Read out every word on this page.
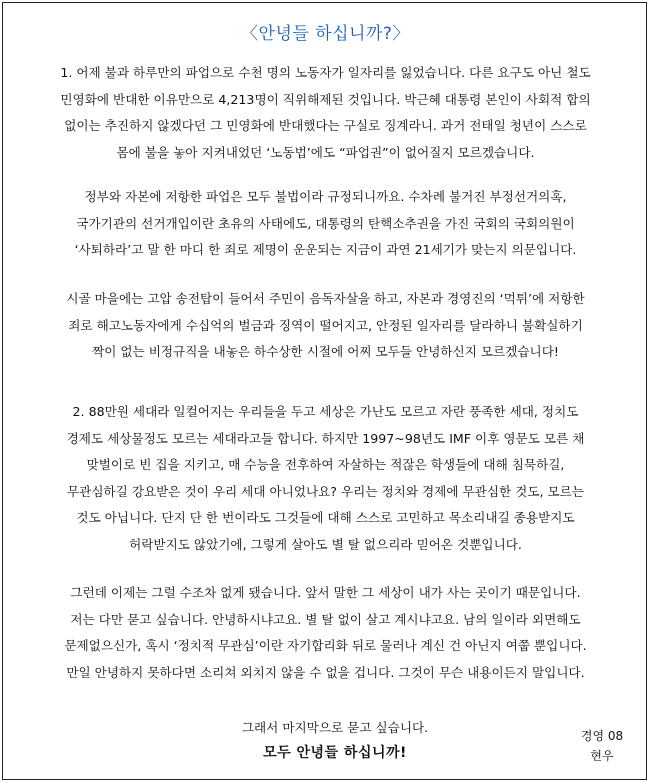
〈안녕들 하십니까?〉
1. 어제 불과 하루만의 파업으로 수천 명의 노동자가 일자리를 잃었습니다. 다른 요구도 아닌 철도
민영화에 반대한 이유만으로 4,213명이 직위해제된 것입니다. 박근혜 대통령 본인이 사회적 합의
없이는 추진하지 않겠다던 그 민영화에 반대했다는 구실로 징계라니. 과거 전태일 청년이 스스로
몸에 불을 놓아 지켜내었던 ‘노동법’에도 “파업권”이 없어질지 모르겠습니다.
정부와 자본에 저항한 파업은 모두 불법이라 규정되니까요. 수차례 불거진 부정선거의혹,
국가기관의 선거개입이란 초유의 사태에도, 대통령의 탄핵소추권을 가진 국회의 국회의원이
‘사퇴하라’고 말 한 마디 한 죄로 제명이 운운되는 지금이 과연 21세기가 맞는지 의문입니다.
시골 마을에는 고압 송전탑이 들어서 주민이 음독자살을 하고, 자본과 경영진의 ‘먹튀’에 저항한
죄로 해고노동자에게 수십억의 벌금과 징역이 떨어지고, 안정된 일자리를 달라하니 불확실하기
짝이 없는 비정규직을 내놓은 하수상한 시절에 어찌 모두들 안녕하신지 모르겠습니다!
2. 88만원 세대라 일컬어지는 우리들을 두고 세상은 가난도 모르고 자란 풍족한 세대, 정치도
경제도 세상물정도 모르는 세대라고들 합니다. 하지만 1997~98년도 IMF 이후 영문도 모른 채
맞벌이로 빈 집을 지키고, 매 수능을 전후하여 자살하는 적잖은 학생들에 대해 침묵하길,
무관심하길 강요받은 것이 우리 세대 아니었나요? 우리는 정치와 경제에 무관심한 것도, 모르는
것도 아닙니다. 단지 단 한 번이라도 그것들에 대해 스스로 고민하고 목소리내길 종용받지도
허락받지도 않았기에, 그렇게 살아도 별 탈 없으리라 믿어온 것뿐입니다.
그런데 이제는 그럴 수조차 없게 됐습니다. 앞서 말한 그 세상이 내가 사는 곳이기 때문입니다.
저는 다만 묻고 싶습니다. 안녕하시냐고요. 별 탈 없이 살고 계시냐고요. 남의 일이라 외면해도
문제없으신가, 혹시 ‘정치적 무관심’이란 자기합리화 뒤로 물러나 계신 건 아닌지 여쭙 뿐입니다.
만일 안녕하지 못하다면 소리쳐 외치지 않을 수 없을 겁니다. 그것이 무슨 내용이든지 말입니다.
그래서 마지막으로 묻고 싶습니다.
모두 안녕들 하십니까!
경영 08
현우
